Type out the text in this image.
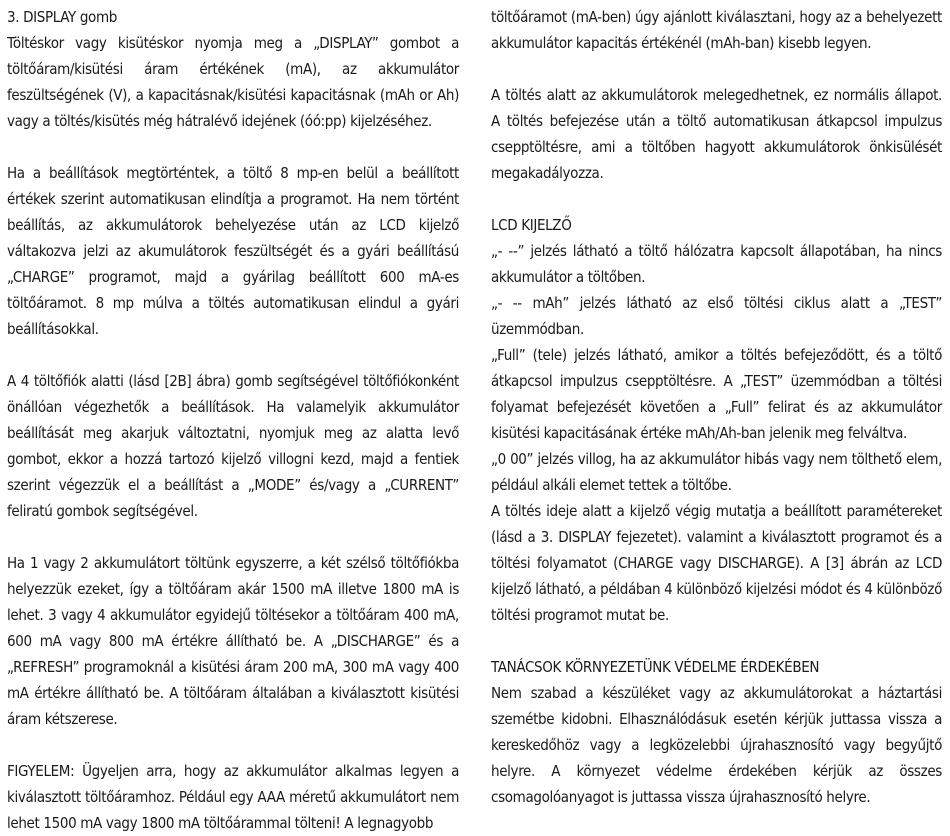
3. DISPLAY gomb

Töltéskor vagy kisütéskor nyomja meg a „DISPLAY” gombot a töltőáram/kisütési áram értékének (mA), az akkumulátor feszültségének (V), a kapacitásnak/kisütési kapacitásnak (mAh or Ah) vagy a töltés/kisütés még hátralévő idejének (óó:pp) kijelzéséhez.

Ha a beállítások megtörténtek, a töltő 8 mp-en belül a beállított értékek szerint automatikusan elindítja a programot. Ha nem történt beállítás, az akkumulátorok behelyezése után az LCD kijelző váltakozva jelzi az akumulátorok feszültségét és a gyári beállítású „CHARGE” programot, majd a gyárilag beállított 600 mA-es töltőáramot. 8 mp múlva a töltés automatikusan elindul a gyári beállításokkal.

A 4 töltőfiók alatti (lásd [2B] ábra) gomb segítségével töltőfiókonként önállóan végezhetők a beállítások. Ha valamelyik akkumulátor beállítását meg akarjuk változtatni, nyomjuk meg az alatta levő gombot, ekkor a hozzá tartozó kijelző villogni kezd, majd a fentiek szerint végezzük el a beállítást a „MODE” és/vagy a „CURRENT” feliratú gombok segítségével.

Ha 1 vagy 2 akkumulátort töltünk egyszerre, a két szélső töltőfiókba helyezzük ezeket, így a töltőáram akár 1500 mA illetve 1800 mA is lehet. 3 vagy 4 akkumulátor egyidejű töltésekor a töltőáram 400 mA, 600 mA vagy 800 mA értékre állítható be. A „DISCHARGE” és a „REFRESH” programoknál a kisütési áram 200 mA, 300 mA vagy 400 mA értékre állítható be. A töltőáram általában a kiválasztott kisütési áram kétszerese.

FIGYELEM: Ügyeljen arra, hogy az akkumulátor alkalmas legyen a kiválasztott töltőáramhoz. Például egy AAA méretű akkumulátort nem lehet 1500 mA vagy 1800 mA töltőárammal tölteni! A legnagyobb

töltőáramot (mA-ben) úgy ajánlott kiválasztani, hogy az a behelyezett akkumulátor kapacitás értékénél (mAh-ban) kisebb legyen.

A töltés alatt az akkumulátorok melegedhetnek, ez normális állapot. A töltés befejezése után a töltő automatikusan átkapcsol impulzus csepptöltésre, ami a töltőben hagyott akkumulátorok önkisülését megakadályozza.

LCD KIJELZŐ

„- --” jelzés látható a töltő hálózatra kapcsolt állapotában, ha nincs akkumulátor a töltőben.

„- -- mAh” jelzés látható az első töltési ciklus alatt a „TEST” üzemmódban.

„Full” (tele) jelzés látható, amikor a töltés befejeződött, és a töltő átkapcsol impulzus csepptöltésre. A „TEST” üzemmódban a töltési folyamat befejezését követően a „Full” felirat és az akkumulátor kisütési kapacitásának értéke mAh/Ah-ban jelenik meg felváltva.

„0 00” jelzés villog, ha az akkumulátor hibás vagy nem tölthető elem, például alkáli elemet tettek a töltőbe.

A töltés ideje alatt a kijelző végig mutatja a beállított paramétereket (lásd a 3. DISPLAY fejezetet). valamint a kiválasztott programot és a töltési folyamatot (CHARGE vagy DISCHARGE). A [3] ábrán az LCD kijelző látható, a példában 4 különböző kijelzési módot és 4 különböző töltési programot mutat be.

TANÁCSOK KÖRNYEZETÜNK VÉDELME ÉRDEKÉBEN

Nem szabad a készüléket vagy az akkumulátorokat a háztartási szemétbe kidobni. Elhasználódásuk esetén kérjük juttassa vissza a kereskedőhöz vagy a legközelebbi újrahasznosító vagy begyűjtő helyre. A környezet védelme érdekében kérjük az összes csomagolóanyagot is juttassa vissza újrahasznosító helyre.
